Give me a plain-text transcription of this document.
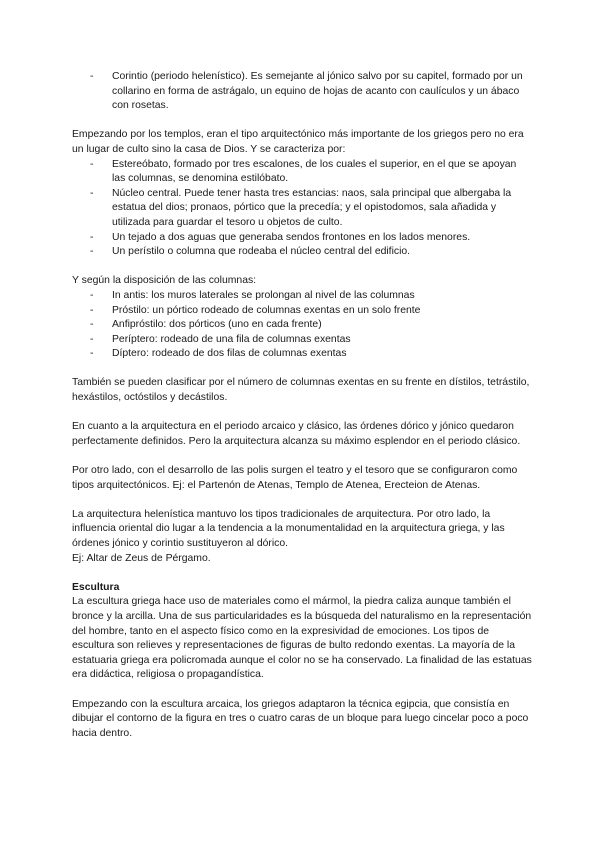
- Corintio (periodo helenístico). Es semejante al jónico salvo por su capitel, formado por un collarino en forma de astrágalo, un equino de hojas de acanto con caulículos y un ábaco con rosetas.

Empezando por los templos, eran el tipo arquitectónico más importante de los griegos pero no era un lugar de culto sino la casa de Dios. Y se caracteriza por:

- Estereóbato, formado por tres escalones, de los cuales el superior, en el que se apoyan las columnas, se denomina estilóbato.
- Núcleo central. Puede tener hasta tres estancias: naos, sala principal que albergaba la estatua del dios; pronaos, pórtico que la precedía; y el opistodomos, sala añadida y utilizada para guardar el tesoro u objetos de culto.
- Un tejado a dos aguas que generaba sendos frontones en los lados menores.
- Un perístilo o columna que rodeaba el núcleo central del edificio.

Y según la disposición de las columnas:

- In antis: los muros laterales se prolongan al nivel de las columnas
- Próstilo: un pórtico rodeado de columnas exentas en un solo frente
- Anfipróstilo: dos pórticos (uno en cada frente)
- Períptero: rodeado de una fila de columnas exentas
- Díptero: rodeado de dos filas de columnas exentas

También se pueden clasificar por el número de columnas exentas en su frente en dístilos, tetrástilo, hexástilos, octóstilos y decástilos.

En cuanto a la arquitectura en el periodo arcaico y clásico, las órdenes dórico y jónico quedaron perfectamente definidos. Pero la arquitectura alcanza su máximo esplendor en el periodo clásico.

Por otro lado, con el desarrollo de las polis surgen el teatro y el tesoro que se configuraron como tipos arquitectónicos. Ej: el Partenón de Atenas, Templo de Atenea, Erecteion de Atenas.

La arquitectura helenística mantuvo los tipos tradicionales de arquitectura. Por otro lado, la influencia oriental dio lugar a la tendencia a la monumentalidad en la arquitectura griega, y las órdenes jónico y corintio sustituyeron al dórico.

Ej: Altar de Zeus de Pérgamo.

Escultura

La escultura griega hace uso de materiales como el mármol, la piedra caliza aunque también el bronce y la arcilla. Una de sus particularidades es la búsqueda del naturalismo en la representación del hombre, tanto en el aspecto físico como en la expresividad de emociones. Los tipos de escultura son relieves y representaciones de figuras de bulto redondo exentas. La mayoría de la estatuaria griega era policromada aunque el color no se ha conservado. La finalidad de las estatuas era didáctica, religiosa o propagandística.

Empezando con la escultura arcaica, los griegos adaptaron la técnica egipcia, que consistía en dibujar el contorno de la figura en tres o cuatro caras de un bloque para luego cincelar poco a poco hacia dentro.
